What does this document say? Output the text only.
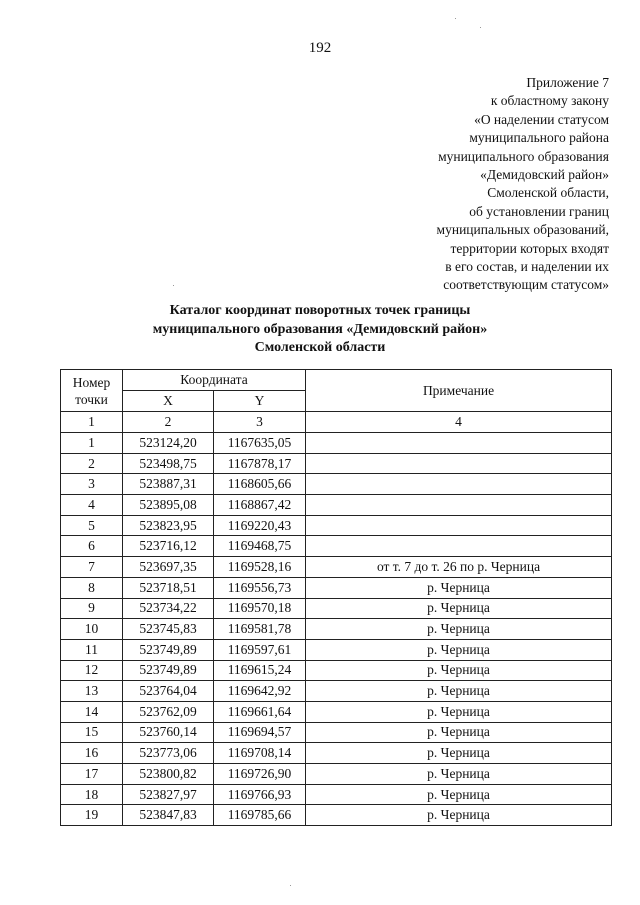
192
Приложение 7
к областному закону
«О наделении статусом
муниципального района
муниципального образования
«Демидовский район»
Смоленской области,
об установлении границ
муниципальных образований,
территории которых входят
в его состав, и наделении их
соответствующим статусом»
Каталог координат поворотных точек границы
муниципального образования «Демидовский район»
Смоленской области
Номер точки	Координата		Примечание
	X	Y	
1	2	3	4
1	523124,20	1167635,05	
2	523498,75	1167878,17	
3	523887,31	1168605,66	
4	523895,08	1168867,42	
5	523823,95	1169220,43	
6	523716,12	1169468,75	
7	523697,35	1169528,16	от т. 7 до т. 26 по р. Черница
8	523718,51	1169556,73	р. Черница
9	523734,22	1169570,18	р. Черница
10	523745,83	1169581,78	р. Черница
11	523749,89	1169597,61	р. Черница
12	523749,89	1169615,24	р. Черница
13	523764,04	1169642,92	р. Черница
14	523762,09	1169661,64	р. Черница
15	523760,14	1169694,57	р. Черница
16	523773,06	1169708,14	р. Черница
17	523800,82	1169726,90	р. Черница
18	523827,97	1169766,93	р. Черница
19	523847,83	1169785,66	р. Черница
